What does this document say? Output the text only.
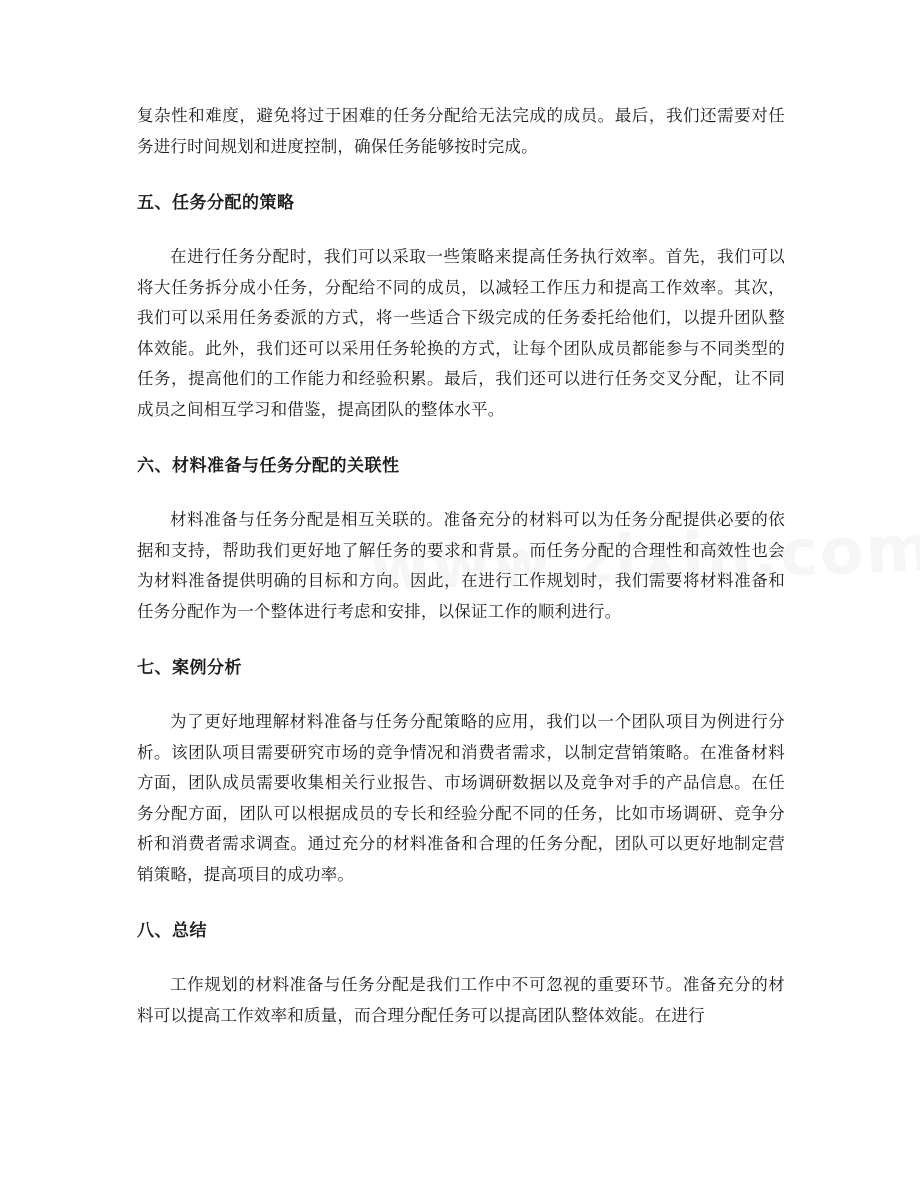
复杂性和难度，避免将过于困难的任务分配给无法完成的成员。最后，我们还需要对任务进行时间规划和进度控制，确保任务能够按时完成。

五、任务分配的策略

在进行任务分配时，我们可以采取一些策略来提高任务执行效率。首先，我们可以将大任务拆分成小任务，分配给不同的成员，以减轻工作压力和提高工作效率。其次，我们可以采用任务委派的方式，将一些适合下级完成的任务委托给他们，以提升团队整体效能。此外，我们还可以采用任务轮换的方式，让每个团队成员都能参与不同类型的任务，提高他们的工作能力和经验积累。最后，我们还可以进行任务交叉分配，让不同成员之间相互学习和借鉴，提高团队的整体水平。

六、材料准备与任务分配的关联性

材料准备与任务分配是相互关联的。准备充分的材料可以为任务分配提供必要的依据和支持，帮助我们更好地了解任务的要求和背景。而任务分配的合理性和高效性也会为材料准备提供明确的目标和方向。因此，在进行工作规划时，我们需要将材料准备和任务分配作为一个整体进行考虑和安排，以保证工作的顺利进行。

七、案例分析

为了更好地理解材料准备与任务分配策略的应用，我们以一个团队项目为例进行分析。该团队项目需要研究市场的竞争情况和消费者需求，以制定营销策略。在准备材料方面，团队成员需要收集相关行业报告、市场调研数据以及竞争对手的产品信息。在任务分配方面，团队可以根据成员的专长和经验分配不同的任务，比如市场调研、竞争分析和消费者需求调查。通过充分的材料准备和合理的任务分配，团队可以更好地制定营销策略，提高项目的成功率。

八、总结

工作规划的材料准备与任务分配是我们工作中不可忽视的重要环节。准备充分的材料可以提高工作效率和质量，而合理分配任务可以提高团队整体效能。在进行
